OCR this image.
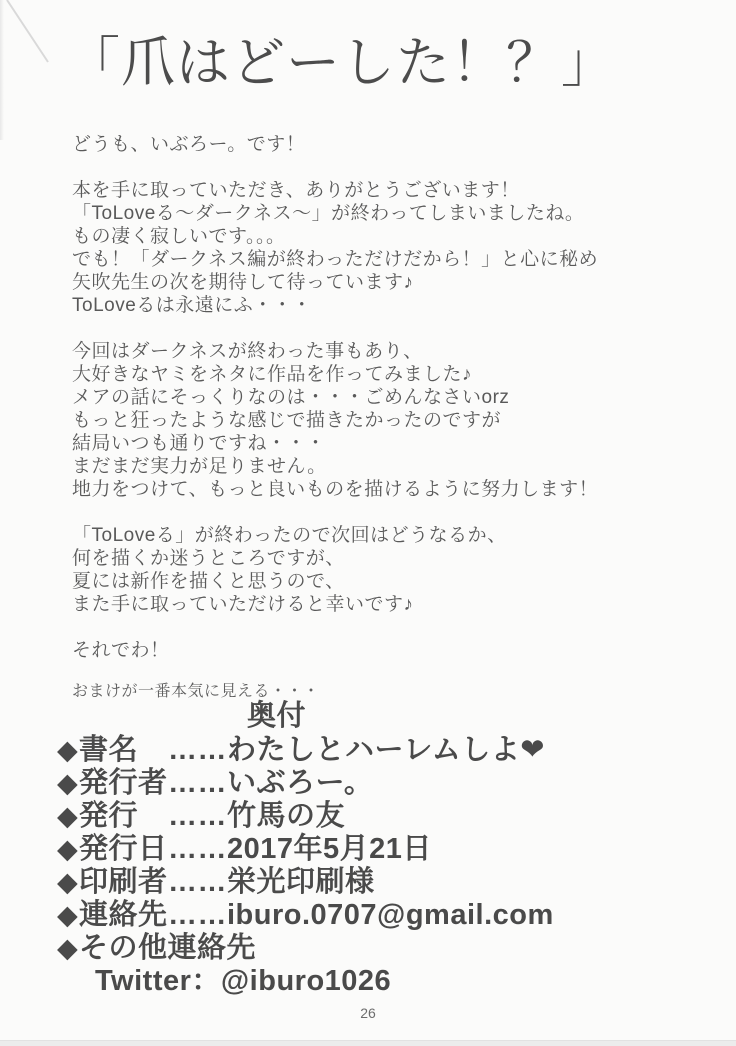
「爪はどーした！？」
どうも、いぶろー。です！
本を手に取っていただき、ありがとうございます！
「ToLoveる～ダークネス～」が終わってしまいましたね。
もの凄く寂しいです。。。
でも！「ダークネス編が終わっただけだから！」と心に秘め
矢吹先生の次を期待して待っています♪
ToLoveるは永遠にふ・・・
今回はダークネスが終わった事もあり、
大好きなヤミをネタに作品を作ってみました♪
メアの話にそっくりなのは・・・ごめんなさいorz
もっと狂ったような感じで描きたかったのですが
結局いつも通りですね・・・
まだまだ実力が足りません。
地力をつけて、もっと良いものを描けるように努力します！
「ToLoveる」が終わったので次回はどうなるか、
何を描くか迷うところですが、
夏には新作を描くと思うので、
また手に取っていただけると幸いです♪
それでわ！
おまけが一番本気に見える・・・
奥付
◆ 書名	…… わたしとハーレムしよ❤
◆ 発行者 …… いぶろー。
◆ 発行	…… 竹馬の友
◆ 発行日 …… 2017年5月21日
◆ 印刷者 …… 栄光印刷様
◆ 連絡先 …… iburo.0707@gmail.com
◆ その他連絡先
Twitter：@iburo1026
26
